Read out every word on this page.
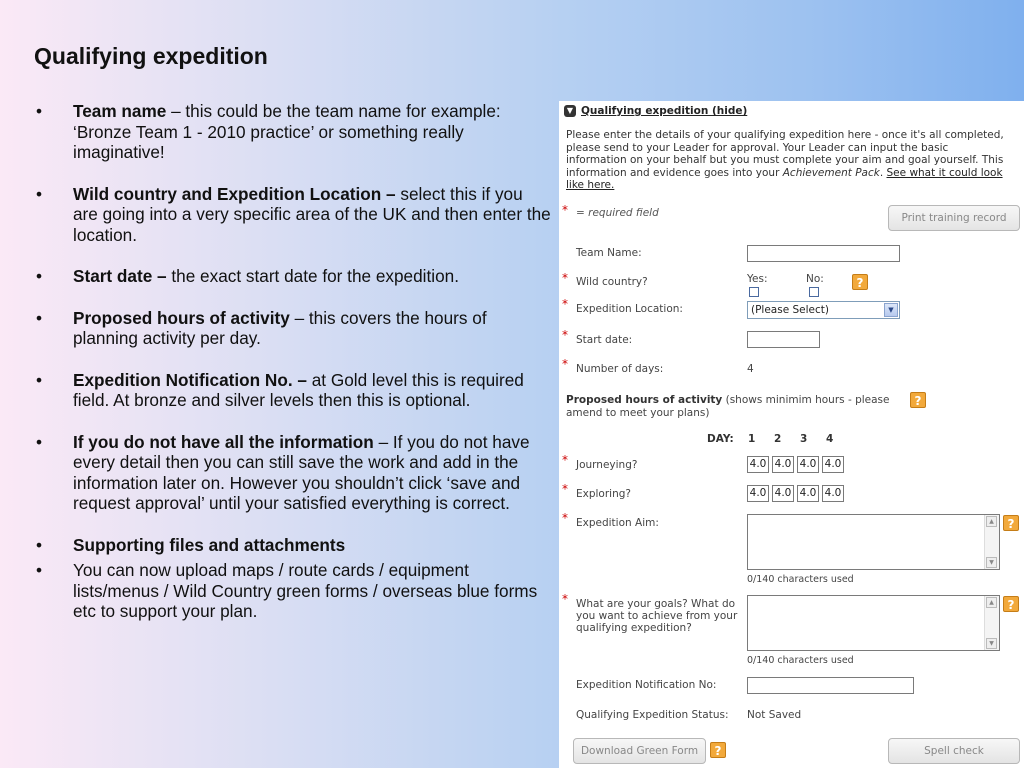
Qualifying expedition
• Team name – this could be the team name for example: ‘Bronze Team 1 - 2010 practice’ or something really imaginative!
• Wild country and Expedition Location – select this if you are going into a very specific area of the UK and then enter the location.
• Start date – the exact start date for the expedition.
• Proposed hours of activity – this covers the hours of planning activity per day.
• Expedition Notification No. – at Gold level this is required field. At bronze and silver levels then this is optional.
• If you do not have all the information – If you do not have every detail then you can still save the work and add in the information later on. However you shouldn’t click ‘save and request approval’ until your satisfied everything is correct.
• Supporting files and attachments
• You can now upload maps / route cards / equipment lists/menus / Wild Country green forms / overseas blue forms etc to support your plan.
▼ Qualifying expedition (hide)
Please enter the details of your qualifying expedition here - once it's all completed, please send to your Leader for approval. Your Leader can input the basic information on your behalf but you must complete your aim and goal yourself. This information and evidence goes into your Achievement Pack. See what it could look like here.
* = required field	Print training record
Team Name:
* Wild country?	Yes:	No:	?
* Expedition Location:	(Please Select)	▼
* Start date:
* Number of days:	4
Proposed hours of activity (shows minimim hours - please amend to meet your plans)
?
DAY: 1 2 3 4
* Journeying?	4.0 4.0 4.0 4.0
* Exploring?	4.0 4.0 4.0 4.0
* Expedition Aim:	▲
▼
?
0/140 characters used
* What are your goals? What do you want to achieve from your qualifying expedition?
▲
▼
?
0/140 characters used
Expedition Notification No:
Qualifying Expedition Status: Not Saved
Download Green Form	?	Spell check
